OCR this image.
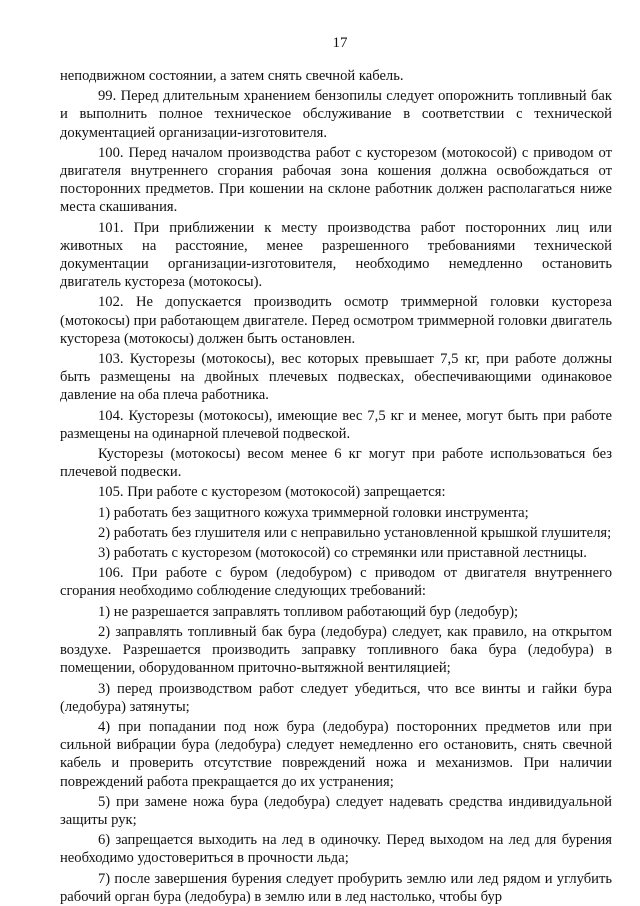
17

неподвижном состоянии, а затем снять свечной кабель.

99. Перед длительным хранением бензопилы следует опорожнить топливный бак и выполнить полное техническое обслуживание в соответствии с технической документацией организации-изготовителя.

100. Перед началом производства работ с кусторезом (мотокосой) с приводом от двигателя внутреннего сгорания рабочая зона кошения должна освобождаться от посторонних предметов. При кошении на склоне работник должен располагаться ниже места скашивания.

101. При приближении к месту производства работ посторонних лиц или животных на расстояние, менее разрешенного требованиями технической документации организации-изготовителя, необходимо немедленно остановить двигатель кустореза (мотокосы).

102. Не допускается производить осмотр триммерной головки кустореза (мотокосы) при работающем двигателе. Перед осмотром триммерной головки двигатель кустореза (мотокосы) должен быть остановлен.

103. Кусторезы (мотокосы), вес которых превышает 7,5 кг, при работе должны быть размещены на двойных плечевых подвесках, обеспечивающими одинаковое давление на оба плеча работника.

104. Кусторезы (мотокосы), имеющие вес 7,5 кг и менее, могут быть при работе размещены на одинарной плечевой подвеской.

Кусторезы (мотокосы) весом менее 6 кг могут при работе использоваться без плечевой подвески.

105. При работе с кусторезом (мотокосой) запрещается:

1) работать без защитного кожуха триммерной головки инструмента;

2) работать без глушителя или с неправильно установленной крышкой глушителя;

3) работать с кусторезом (мотокосой) со стремянки или приставной лестницы.

106. При работе с буром (ледобуром) с приводом от двигателя внутреннего сгорания необходимо соблюдение следующих требований:

1) не разрешается заправлять топливом работающий бур (ледобур);

2) заправлять топливный бак бура (ледобура) следует, как правило, на открытом воздухе. Разрешается производить заправку топливного бака бура (ледобура) в помещении, оборудованном приточно-вытяжной вентиляцией;

3) перед производством работ следует убедиться, что все винты и гайки бура (ледобура) затянуты;

4) при попадании под нож бура (ледобура) посторонних предметов или при сильной вибрации бура (ледобура) следует немедленно его остановить, снять свечной кабель и проверить отсутствие повреждений ножа и механизмов. При наличии повреждений работа прекращается до их устранения;

5) при замене ножа бура (ледобура) следует надевать средства индивидуальной защиты рук;

6) запрещается выходить на лед в одиночку. Перед выходом на лед для бурения необходимо удостовериться в прочности льда;

7) после завершения бурения следует пробурить землю или лед рядом и углубить рабочий орган бура (ледобура) в землю или в лед настолько, чтобы бур
